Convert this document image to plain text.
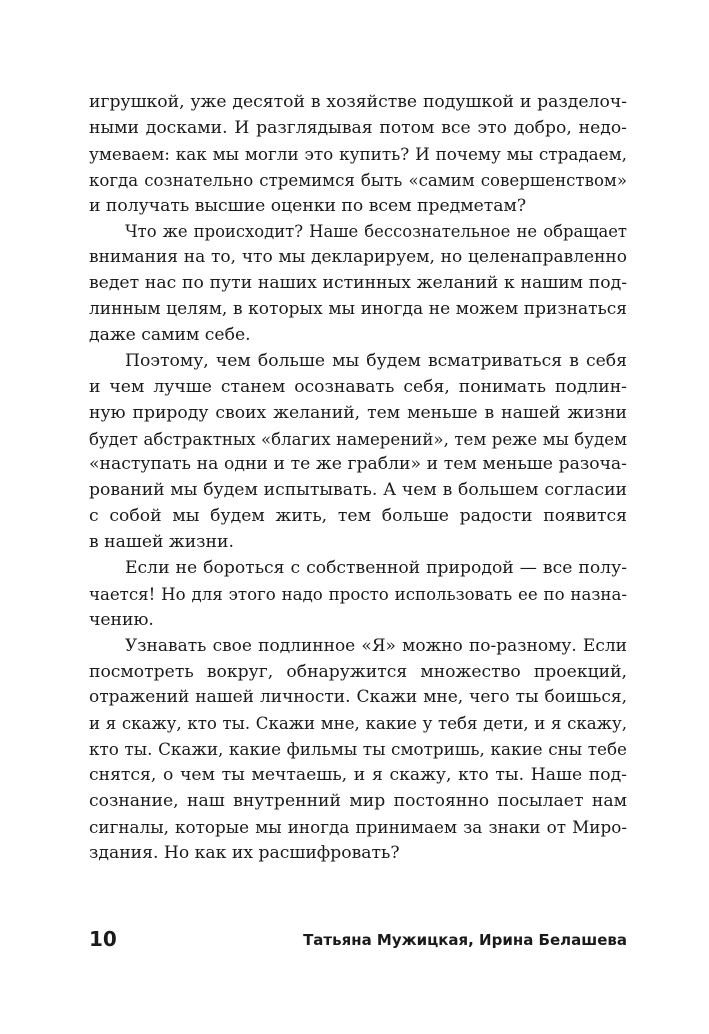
игрушкой, уже десятой в хозяйстве подушкой и разделоч-
ными досками. И разглядывая потом все это добро, недо-
умеваем: как мы могли это купить? И почему мы страдаем,
когда сознательно стремимся быть «самим совершенством»
и получать высшие оценки по всем предметам?
Что же происходит? Наше бессознательное не обращает
внимания на то, что мы декларируем, но целенаправленно
ведет нас по пути наших истинных желаний к нашим под-
линным целям, в которых мы иногда не можем признаться
даже самим себе.
Поэтому, чем больше мы будем всматриваться в себя
и чем лучше станем осознавать себя, понимать подлин-
ную природу своих желаний, тем меньше в нашей жизни
будет абстрактных «благих намерений», тем реже мы будем
«наступать на одни и те же грабли» и тем меньше разоча-
рований мы будем испытывать. А чем в большем согласии
с собой мы будем жить, тем больше радости появится
в нашей жизни.
Если не бороться с собственной природой — все полу-
чается! Но для этого надо просто использовать ее по назна-
чению.
Узнавать свое подлинное «Я» можно по-разному. Если
посмотреть вокруг, обнаружится множество проекций,
отражений нашей личности. Скажи мне, чего ты боишься,
и я скажу, кто ты. Скажи мне, какие у тебя дети, и я скажу,
кто ты. Скажи, какие фильмы ты смотришь, какие сны тебе
снятся, о чем ты мечтаешь, и я скажу, кто ты. Наше под-
сознание, наш внутренний мир постоянно посылает нам
сигналы, которые мы иногда принимаем за знаки от Миро-
здания. Но как их расшифровать?
10	Татьяна Мужицкая, Ирина Белашева
